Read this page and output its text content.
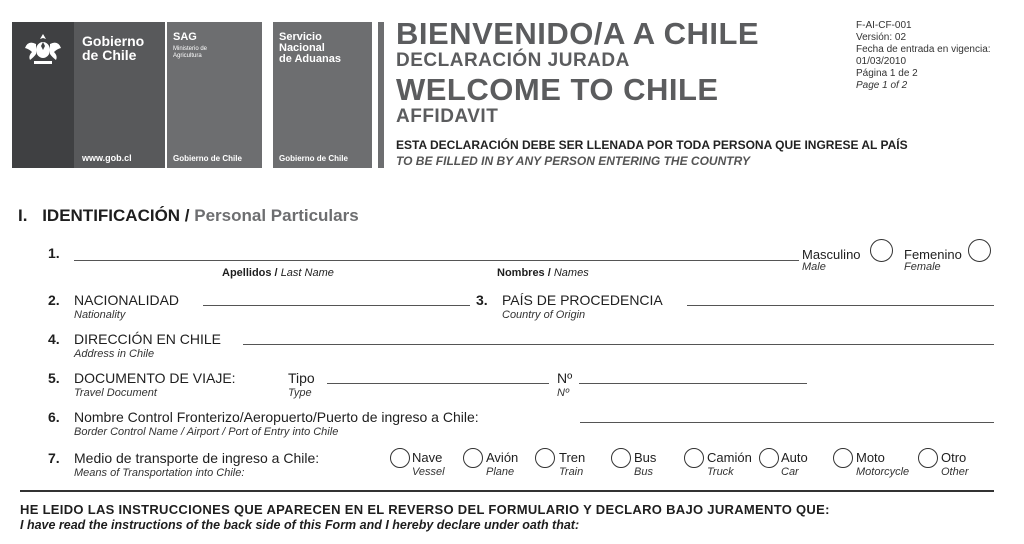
Gobierno
de Chile
www.gob.cl
SAG
Ministerio de
Agricultura
Gobierno de Chile
Servicio
Nacional
de Aduanas
Gobierno de Chile
BIENVENIDO/A A CHILE
DECLARACIÓN JURADA
WELCOME TO CHILE
AFFIDAVIT
ESTA DECLARACIÓN DEBE SER LLENADA POR TODA PERSONA QUE INGRESE AL PAÍS
TO BE FILLED IN BY ANY PERSON ENTERING THE COUNTRY
F-AI-CF-001
Versión: 02
Fecha de entrada en vigencia:
01/03/2010
Página 1 de 2
Page 1 of 2
I. IDENTIFICACIÓN / Personal Particulars
1.
Apellidos / Last Name	Nombres / Names
Masculino
Male
Femenino
Female
2. NACIONALIDAD
Nationality
3. PAÍS DE PROCEDENCIA
Country of Origin
4. DIRECCIÓN EN CHILE
Address in Chile
5. DOCUMENTO DE VIAJE:
Travel Document
Tipo
Type
Nº
Nº
6. Nombre Control Fronterizo/Aeropuerto/Puerto de ingreso a Chile:
Border Control Name / Airport / Port of Entry into Chile
7. Medio de transporte de ingreso a Chile:
Means of Transportation into Chile:
Nave
Vessel
Avión
Plane
Tren
Train
Bus
Bus
Camión
Truck
Auto
Car
Moto
Motorcycle
Otro
Other
HE LEIDO LAS INSTRUCCIONES QUE APARECEN EN EL REVERSO DEL FORMULARIO Y DECLARO BAJO JURAMENTO QUE:
I have read the instructions of the back side of this Form and I hereby declare under oath that:
